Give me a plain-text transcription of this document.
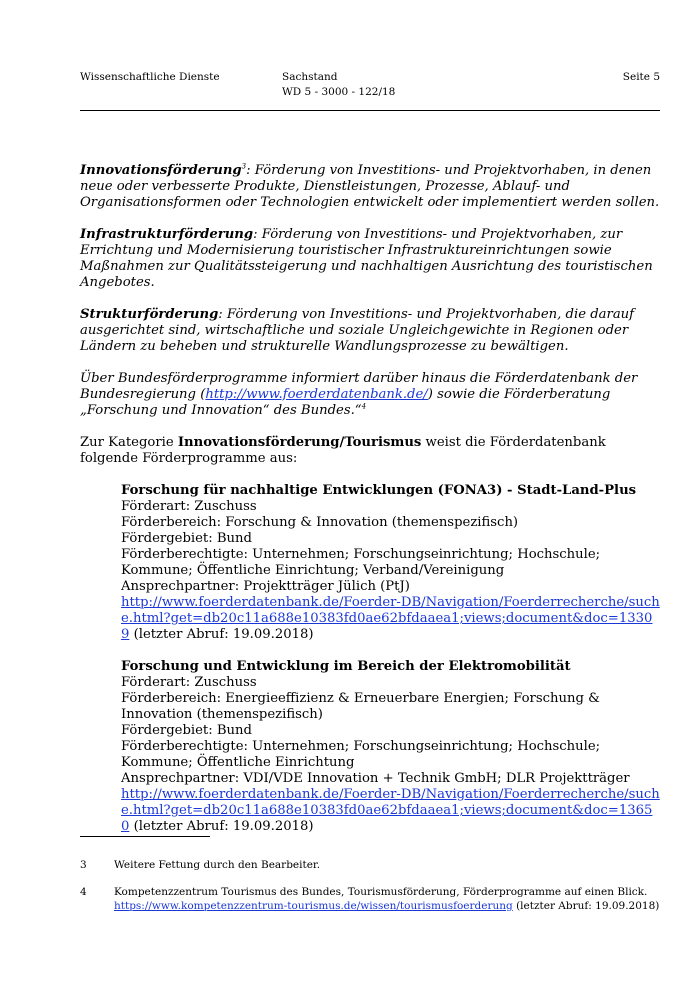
Wissenschaftliche Dienste	Sachstand
WD 5 - 3000 - 122/18
Seite 5

Innovationsförderung$^3$: Förderung von Investitions- und Projektvorhaben, in denen neue oder verbesserte Produkte, Dienstleistungen, Prozesse, Ablauf- und Organisationsformen oder Technologien entwickelt oder implementiert werden sollen.

Infrastrukturförderung: Förderung von Investitions- und Projektvorhaben, zur Errichtung und Modernisierung touristischer Infrastruktureinrichtungen sowie Maßnahmen zur Qualitätssteigerung und nachhaltigen Ausrichtung des touristischen Angebotes.

Strukturförderung: Förderung von Investitions- und Projektvorhaben, die darauf ausgerichtet sind, wirtschaftliche und soziale Ungleichgewichte in Regionen oder Ländern zu beheben und strukturelle Wandlungsprozesse zu bewältigen.

Über Bundesförderprogramme informiert darüber hinaus die Förderdatenbank der Bundesregierung (http://www.foerderdatenbank.de/) sowie die Förderberatung „Forschung und Innovation“ des Bundes.“$^4$

Zur Kategorie Innovationsförderung/Tourismus weist die Förderdatenbank folgende Förderprogramme aus:

Forschung für nachhaltige Entwicklungen (FONA3) - Stadt-Land-Plus
Förderart: Zuschuss
Förderbereich: Forschung & Innovation (themenspezifisch)
Fördergebiet: Bund
Förderberechtigte: Unternehmen; Forschungseinrichtung; Hochschule; Kommune; Öffentliche Einrichtung; Verband/Vereinigung
Ansprechpartner: Projektträger Jülich (PtJ)
http://www.foerderdatenbank.de/Foerder-DB/Navigation/Foerderrecherche/suche.html?get=db20c11a688e10383fd0ae62bfdaaea1;views;document&doc=13309 (letzter Abruf: 19.09.2018)
Forschung und Entwicklung im Bereich der Elektromobilität
Förderart: Zuschuss
Förderbereich: Energieeffizienz & Erneuerbare Energien; Forschung & Innovation (themenspezifisch)
Fördergebiet: Bund
Förderberechtigte: Unternehmen; Forschungseinrichtung; Hochschule; Kommune; Öffentliche Einrichtung
Ansprechpartner: VDI/VDE Innovation + Technik GmbH; DLR Projektträger
http://www.foerderdatenbank.de/Foerder-DB/Navigation/Foerderrecherche/suche.html?get=db20c11a688e10383fd0ae62bfdaaea1;views;document&doc=13650 (letzter Abruf: 19.09.2018)
3	Weitere Fettung durch den Bearbeiter.
4	Kompetenzzentrum Tourismus des Bundes, Tourismusförderung, Förderprogramme auf einen Blick.
https://www.kompetenzzentrum-tourismus.de/wissen/tourismusfoerderung (letzter Abruf: 19.09.2018)
